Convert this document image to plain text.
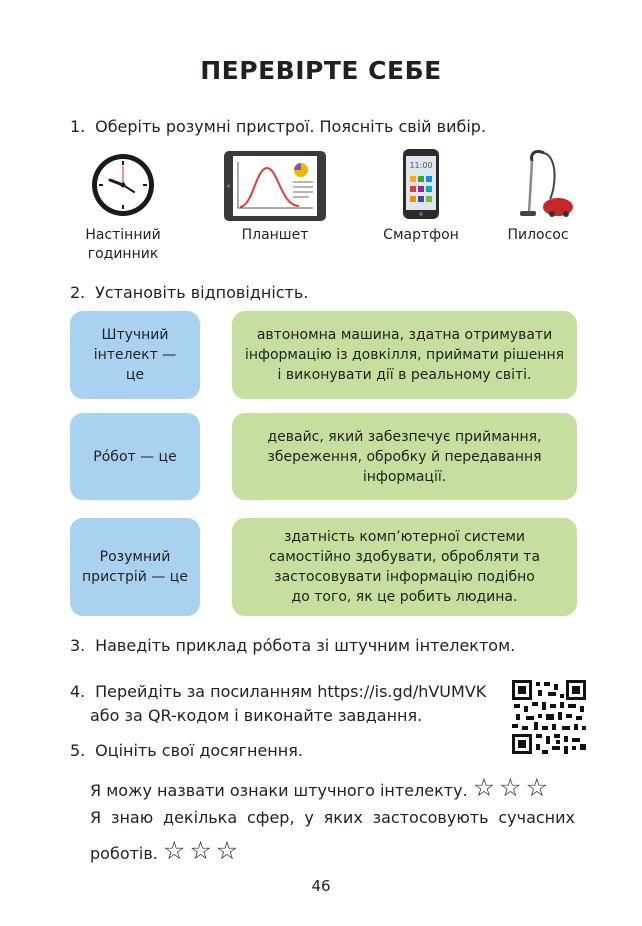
ПЕРЕВІРТЕ СЕБЕ
1. Оберіть розумні пристрої. Поясніть свій вибір.
11:00
Настінний годинник
Планшет	Смартфон	Пилосос
2. Установіть відповідність.
Штучний інтелект — це
автономна машина, здатна отримувати інформацію із довкілля, приймати рішення і виконувати дії в реальному світі.
Рóбот — це
девайс, який забезпечує приймання, збереження, обробку й передавання інформації.
Розумний пристрій — це
здатність комп’ютерної системи самостійно здобувати, обробляти та застосовувати інформацію подібно до того, як це робить людина.
3. Наведіть приклад рóбота зі штучним інтелектом.
4. Перейдіть за посиланням https://is.gd/hVUMVK
або за QR-кодом і виконайте завдання.
5. Оцініть свої досягнення.
Я можу назвати ознаки штучного інтелекту. ☆☆☆
Я знаю декілька сфер, у яких застосовують сучасних
роботів. ☆☆☆
46
